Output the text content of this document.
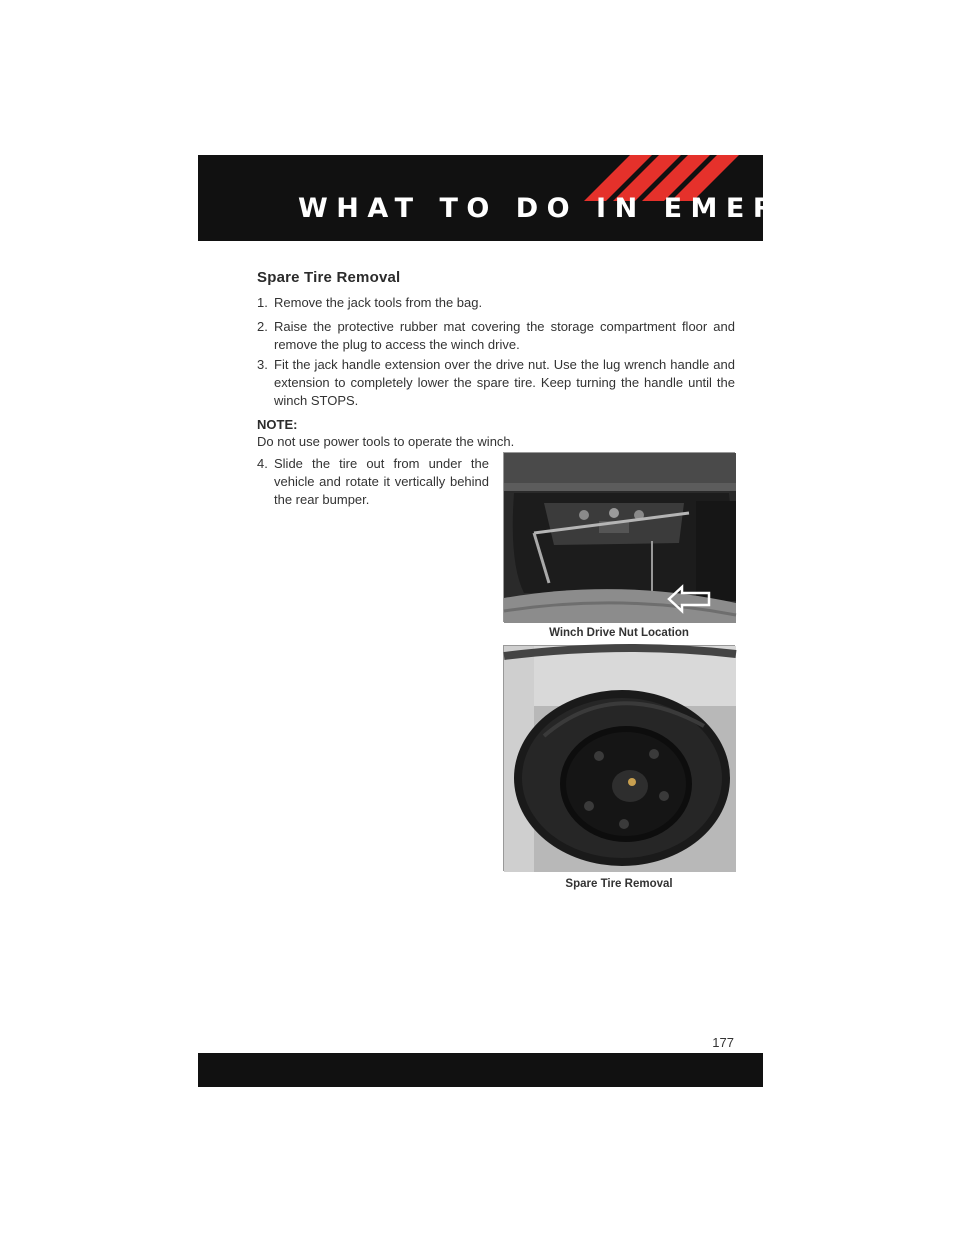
WHAT TO DO IN EMERGENCIES
Spare Tire Removal
1. Remove the jack tools from the bag.
2. Raise the protective rubber mat covering the storage compartment floor and remove the plug to access the winch drive.
3. Fit the jack handle extension over the drive nut. Use the lug wrench handle and extension to completely lower the spare tire. Keep turning the handle until the winch STOPS.
NOTE:
Do not use power tools to operate the winch.
4. Slide the tire out from under the vehicle and rotate it vertically behind the rear bumper.
Winch Drive Nut Location
Spare Tire Removal
177
